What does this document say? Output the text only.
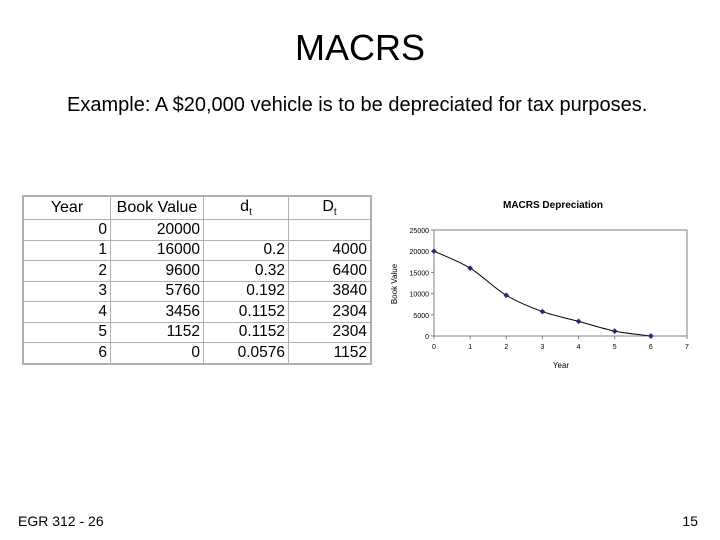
MACRS
Example: A $20,000 vehicle is to be depreciated for tax purposes.
Year	Book Value	$d_t$	$D_t$
0	20000		
1	16000	0.2	4000
2	9600	0.32	6400
3	5760	0.192	3840
4	3456	0.1152	2304
5	1152	0.1152	2304
6	0	0.0576	1152
MACRS Depreciation
Book Value
Year
0
5000
10000
15000
20000
25000
0	1	2	3	4	5	6	7
EGR 312 - 26	15
